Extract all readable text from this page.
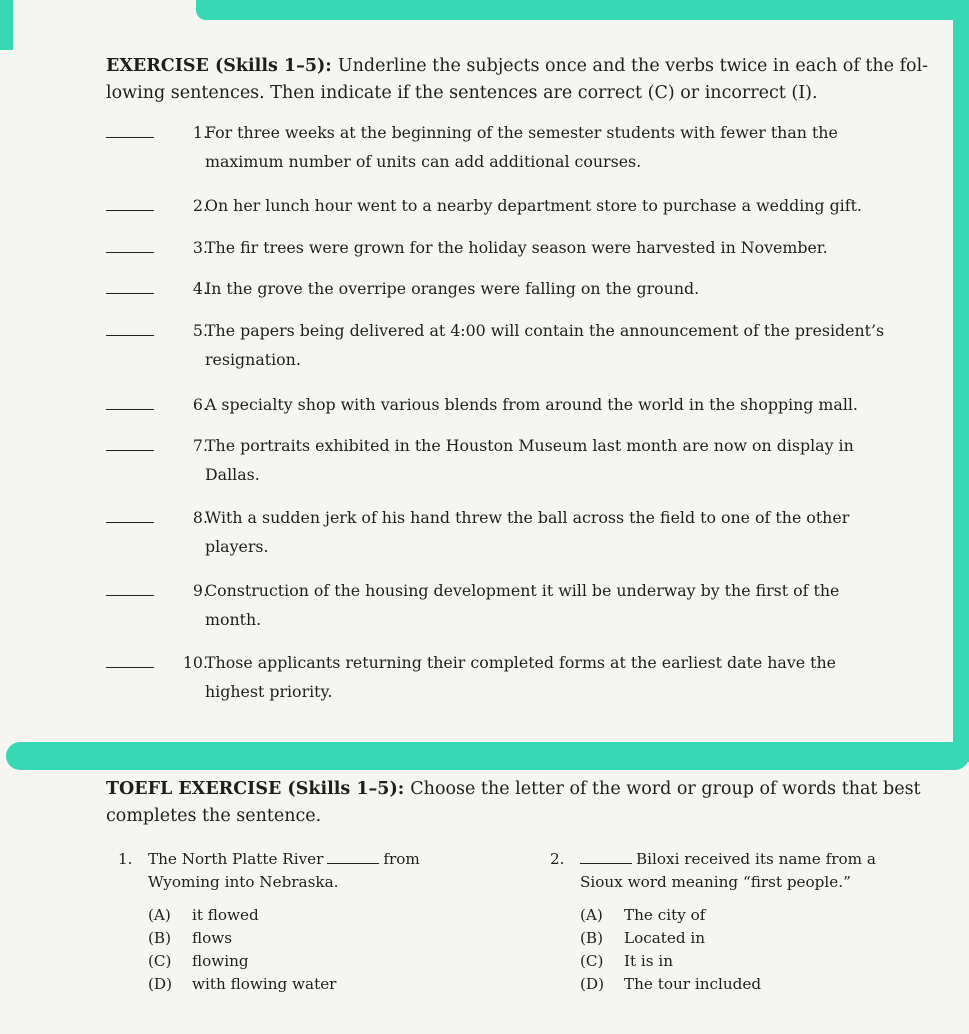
EXERCISE (Skills 1–5): Underline the subjects once and the verbs twice in each of the fol-
lowing sentences. Then indicate if the sentences are correct (C) or incorrect (I).
1.
For three weeks at the beginning of the semester students with fewer than the
maximum number of units can add additional courses.
2.
On her lunch hour went to a nearby department store to purchase a wedding gift.
3.
The fir trees were grown for the holiday season were harvested in November.
4.
In the grove the overripe oranges were falling on the ground.
5.
The papers being delivered at 4:00 will contain the announcement of the president’s
resignation.
6.
A specialty shop with various blends from around the world in the shopping mall.
7.
The portraits exhibited in the Houston Museum last month are now on display in
Dallas.
8.
With a sudden jerk of his hand threw the ball across the field to one of the other
players.
9.
Construction of the housing development it will be underway by the first of the
month.
10.
Those applicants returning their completed forms at the earliest date have the
highest priority.
TOEFL EXERCISE (Skills 1–5): Choose the letter of the word or group of words that best
completes the sentence.
1. The North Platte River	from
Wyoming into Nebraska.
(A) it flowed
(B) flows
(C) flowing
(D) with flowing water
2.	Biloxi received its name from a
Sioux word meaning “first people.”
(A) The city of
(B) Located in
(C) It is in
(D) The tour included
